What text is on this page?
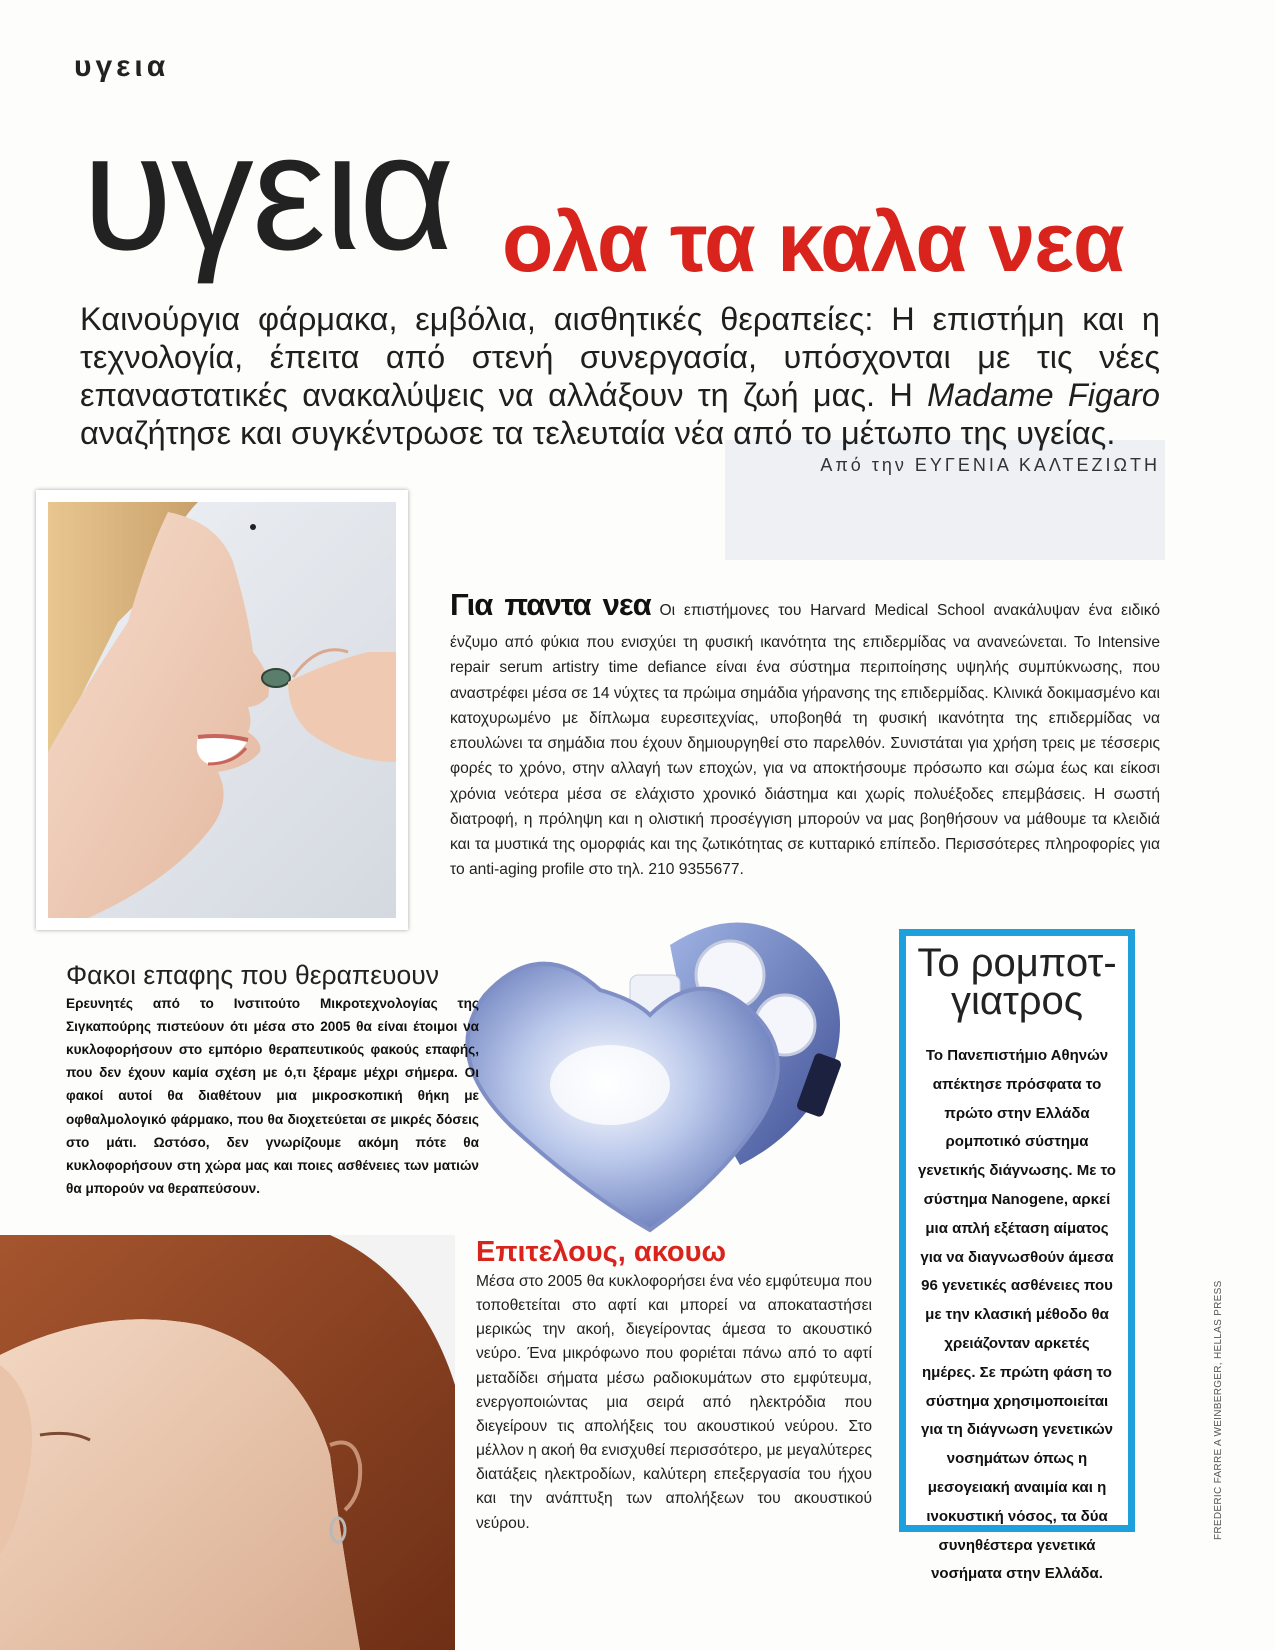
υγεια
υγεια ολα τα καλα νεα
Καινούργια φάρμακα, εμβόλια, αισθητικές θεραπείες: Η επιστήμη και η τεχνολογία, έπειτα από στενή συνεργασία, υπόσχονται με τις νέες επαναστατικές ανακαλύψεις να αλλάξουν τη ζωή μας. Η Madame Figaro αναζήτησε και συγκέντρωσε τα τελευταία νέα από το μέτωπο της υγείας.
Από την ΕΥΓΕΝΙΑ ΚΑΛΤΕΖΙΩΤΗ
Για παντα νεα Οι επιστήμονες του Harvard Medical School ανακάλυψαν ένα ειδικό ένζυμο από φύκια που ενισχύει τη φυσική ικανότητα της επιδερμίδας να ανανεώνεται. Το Intensive repair serum artistry time defiance είναι ένα σύστημα περιποίησης υψηλής συμπύκνωσης, που αναστρέφει μέσα σε 14 νύχτες τα πρώιμα σημάδια γήρανσης της επιδερμίδας. Κλινικά δοκιμασμένο και κατοχυρωμένο με δίπλωμα ευρεσιτεχνίας, υποβοηθά τη φυσική ικανότητα της επιδερμίδας να επουλώνει τα σημάδια που έχουν δημιουργηθεί στο παρελθόν. Συνιστάται για χρήση τρεις με τέσσερις φορές το χρόνο, στην αλλαγή των εποχών, για να αποκτήσουμε πρόσωπο και σώμα έως και είκοσι χρόνια νεότερα μέσα σε ελάχιστο χρονικό διάστημα και χωρίς πολυέξοδες επεμβάσεις. Η σωστή διατροφή, η πρόληψη και η ολιστική προσέγγιση μπορούν να μας βοηθήσουν να μάθουμε τα κλειδιά και τα μυστικά της ομορφιάς και της ζωτικότητας σε κυτταρικό επίπεδο. Περισσότερες πληροφορίες για το anti-aging profile στο τηλ. 210 9355677.
Φακοι επαφης που θεραπευουν
Ερευνητές από το Ινστιτούτο Μικροτεχνολογίας της Σιγκαπούρης πιστεύουν ότι μέσα στο 2005 θα είναι έτοιμοι να κυκλοφορήσουν στο εμπόριο θεραπευτικούς φακούς επαφής, που δεν έχουν καμία σχέση με ό,τι ξέραμε μέχρι σήμερα. Οι φακοί αυτοί θα διαθέτουν μια μικροσκοπική θήκη με οφθαλμολογικό φάρμακο, που θα διοχετεύεται σε μικρές δόσεις στο μάτι. Ωστόσο, δεν γνωρίζουμε ακόμη πότε θα κυκλοφορήσουν στη χώρα μας και ποιες ασθένειες των ματιών θα μπορούν να θεραπεύσουν.
Επιτελους, ακουω
Μέσα στο 2005 θα κυκλοφορήσει ένα νέο εμφύτευμα που τοποθετείται στο αφτί και μπορεί να αποκαταστήσει μερικώς την ακοή, διεγείροντας άμεσα το ακουστικό νεύρο. Ένα μικρόφωνο που φοριέται πάνω από το αφτί μεταδίδει σήματα μέσω ραδιοκυμάτων στο εμφύτευμα, ενεργοποιώντας μια σειρά από ηλεκτρόδια που διεγείρουν τις απολήξεις του ακουστικού νεύρου. Στο μέλλον η ακοή θα ενισχυθεί περισσότερο, με μεγαλύτερες διατάξεις ηλεκτροδίων, καλύτερη επεξεργασία του ήχου και την ανάπτυξη των απολήξεων του ακουστικού νεύρου.
Το ρομποτ-
γιατρος
Το Πανεπιστήμιο Αθηνών απέκτησε πρόσφατα το πρώτο στην Ελλάδα ρομποτικό σύστημα γενετικής διάγνωσης. Με το σύστημα Nanogene, αρκεί μια απλή εξέταση αίματος για να διαγνωσθούν άμεσα 96 γενετικές ασθένειες που με την κλασική μέθοδο θα χρειάζονταν αρκετές ημέρες. Σε πρώτη φάση το σύστημα χρησιμοποιείται για τη διάγνωση γενετικών νοσημάτων όπως η μεσογειακή αναιμία και η ινοκυστική νόσος, τα δύα συνηθέστερα γενετικά νοσήματα στην Ελλάδα.
FREDERIC FARRE A WEINBERGER, HELLAS PRESS
